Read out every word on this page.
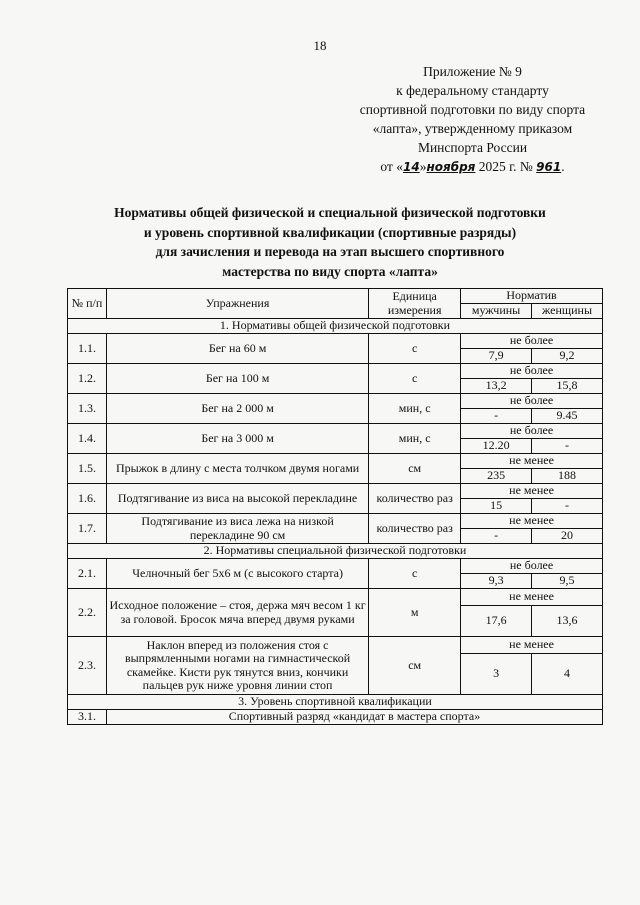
18
Приложение № 9
к федеральному стандарту
спортивной подготовки по виду спорта
«лапта», утвержденному приказом
Минспорта России
от «14»ноября 2025 г. № 961.
Нормативы общей физической и специальной физической подготовки
и уровень спортивной квалификации (спортивные разряды)
для зачисления и перевода на этап высшего спортивного
мастерства по виду спорта «лапта»
№ п/п	Упражнения	Единица измерения	Норматив	
			мужчины	женщины
1. Нормативы общей физической подготовки				
1.1.	Бег на 60 м	с	не более	
			7,9	9,2
1.2.	Бег на 100 м	с	не более	
			13,2	15,8
1.3.	Бег на 2 000 м	мин, с	не более	
			-	9.45
1.4.	Бег на 3 000 м	мин, с	не более	
			12.20	-
1.5.	Прыжок в длину с места толчком двумя ногами	см	не менее	
			235	188
1.6.	Подтягивание из виса на высокой перекладине	количество раз	не менее	
			15	-
1.7.	Подтягивание из виса лежа на низкой перекладине 90 см	количество раз	не менее	
			-	20
2. Нормативы специальной физической подготовки				
2.1.	Челночный бег 5x6 м (с высокого старта)	с	не более	
			9,3	9,5
2.2.	Исходное положение – стоя, держа мяч весом 1 кг за головой. Бросок мяча вперед двумя руками	м	не менее	
			17,6	13,6
2.3.	Наклон вперед из положения стоя с выпрямленными ногами на гимнастической скамейке. Кисти рук тянутся вниз, кончики пальцев рук ниже уровня линии стоп	см	не менее	
			3	4
3. Уровень спортивной квалификации				
3.1.	Спортивный разряд «кандидат в мастера спорта»			
